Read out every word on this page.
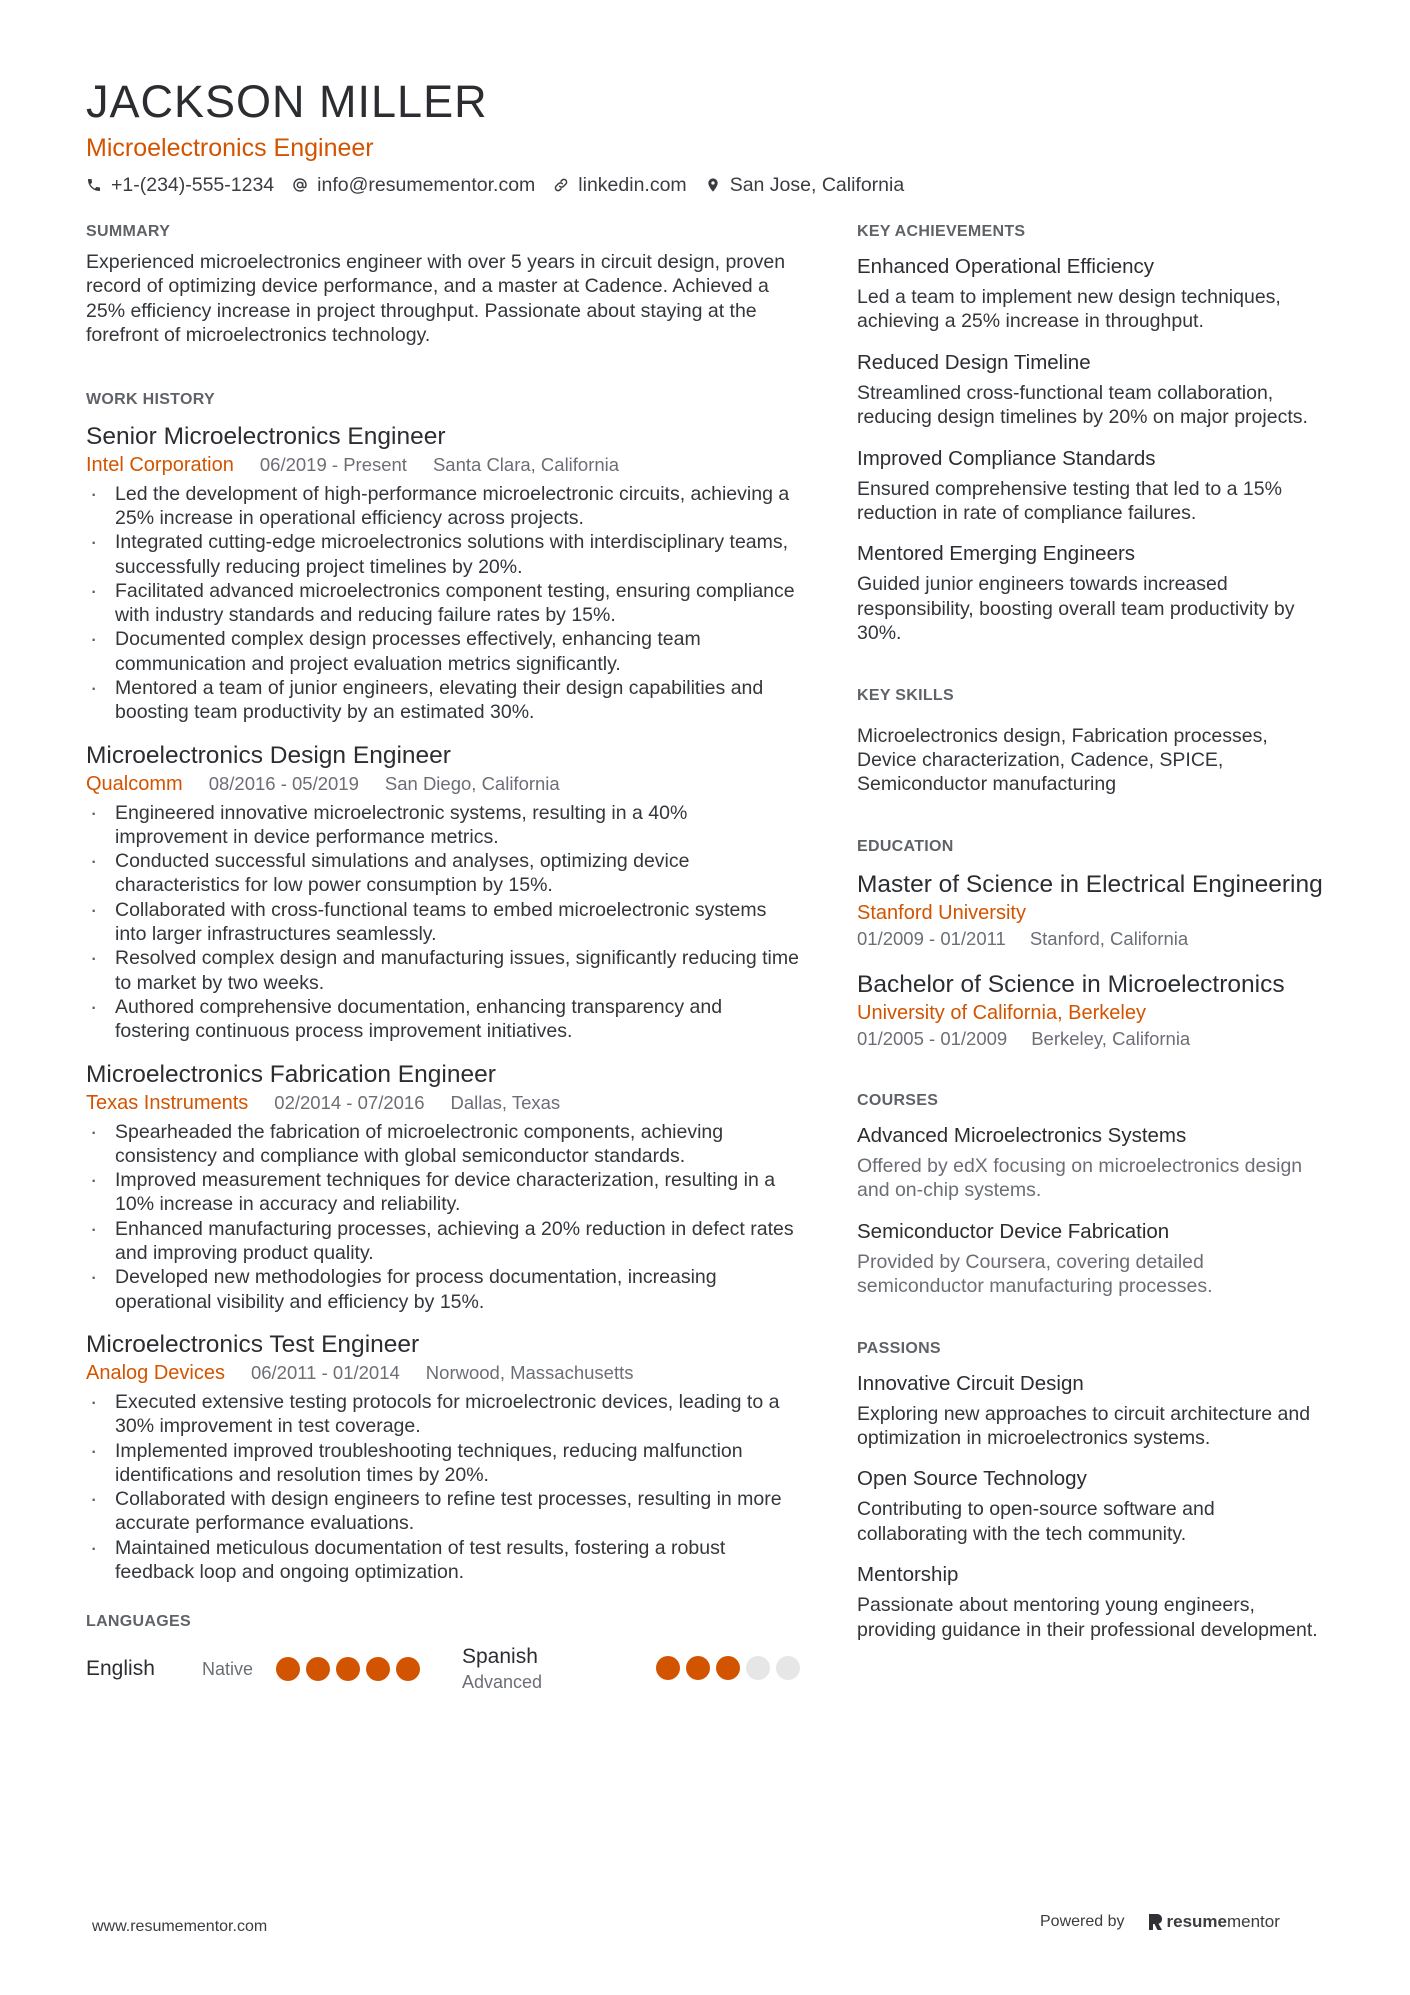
JACKSON MILLER
Microelectronics Engineer
+1-(234)-555-1234 info@resumementor.com linkedin.com San Jose, California
SUMMARY

Experienced microelectronics engineer with over 5 years in circuit design, proven record of optimizing device performance, and a master at Cadence. Achieved a 25% efficiency increase in project throughput. Passionate about staying at the forefront of microelectronics technology.

WORK HISTORY
Senior Microelectronics Engineer
Intel Corporation 06/2019 - Present Santa Clara, California
· Led the development of high-performance microelectronic circuits, achieving a 25% increase in operational efficiency across projects.
· Integrated cutting-edge microelectronics solutions with interdisciplinary teams, successfully reducing project timelines by 20%.
· Facilitated advanced microelectronics component testing, ensuring compliance with industry standards and reducing failure rates by 15%.
· Documented complex design processes effectively, enhancing team communication and project evaluation metrics significantly.
· Mentored a team of junior engineers, elevating their design capabilities and boosting team productivity by an estimated 30%.
Microelectronics Design Engineer
Qualcomm 08/2016 - 05/2019 San Diego, California
· Engineered innovative microelectronic systems, resulting in a 40% improvement in device performance metrics.
· Conducted successful simulations and analyses, optimizing device characteristics for low power consumption by 15%.
· Collaborated with cross-functional teams to embed microelectronic systems into larger infrastructures seamlessly.
· Resolved complex design and manufacturing issues, significantly reducing time to market by two weeks.
· Authored comprehensive documentation, enhancing transparency and fostering continuous process improvement initiatives.
Microelectronics Fabrication Engineer
Texas Instruments 02/2014 - 07/2016 Dallas, Texas
· Spearheaded the fabrication of microelectronic components, achieving consistency and compliance with global semiconductor standards.
· Improved measurement techniques for device characterization, resulting in a 10% increase in accuracy and reliability.
· Enhanced manufacturing processes, achieving a 20% reduction in defect rates and improving product quality.
· Developed new methodologies for process documentation, increasing operational visibility and efficiency by 15%.
Microelectronics Test Engineer
Analog Devices 06/2011 - 01/2014 Norwood, Massachusetts
· Executed extensive testing protocols for microelectronic devices, leading to a 30% improvement in test coverage.
· Implemented improved troubleshooting techniques, reducing malfunction identifications and resolution times by 20%.
· Collaborated with design engineers to refine test processes, resulting in more accurate performance evaluations.
· Maintained meticulous documentation of test results, fostering a robust feedback loop and ongoing optimization.
LANGUAGES
English	Native
Spanish
Advanced
KEY ACHIEVEMENTS
Enhanced Operational Efficiency

Led a team to implement new design techniques, achieving a 25% increase in throughput.

Reduced Design Timeline

Streamlined cross-functional team collaboration, reducing design timelines by 20% on major projects.

Improved Compliance Standards

Ensured comprehensive testing that led to a 15% reduction in rate of compliance failures.

Mentored Emerging Engineers

Guided junior engineers towards increased responsibility, boosting overall team productivity by 30%.

KEY SKILLS

Microelectronics design, Fabrication processes, Device characterization, Cadence, SPICE, Semiconductor manufacturing

EDUCATION
Master of Science in Electrical Engineering
Stanford University
01/2009 - 01/2011 Stanford, California
Bachelor of Science in Microelectronics
University of California, Berkeley
01/2005 - 01/2009 Berkeley, California
COURSES
Advanced Microelectronics Systems

Offered by edX focusing on microelectronics design and on-chip systems.

Semiconductor Device Fabrication

Provided by Coursera, covering detailed semiconductor manufacturing processes.

PASSIONS
Innovative Circuit Design

Exploring new approaches to circuit architecture and optimization in microelectronics systems.

Open Source Technology

Contributing to open-source software and collaborating with the tech community.

Mentorship

Passionate about mentoring young engineers, providing guidance in their professional development.

www.resumementor.com	Powered by resumementor
